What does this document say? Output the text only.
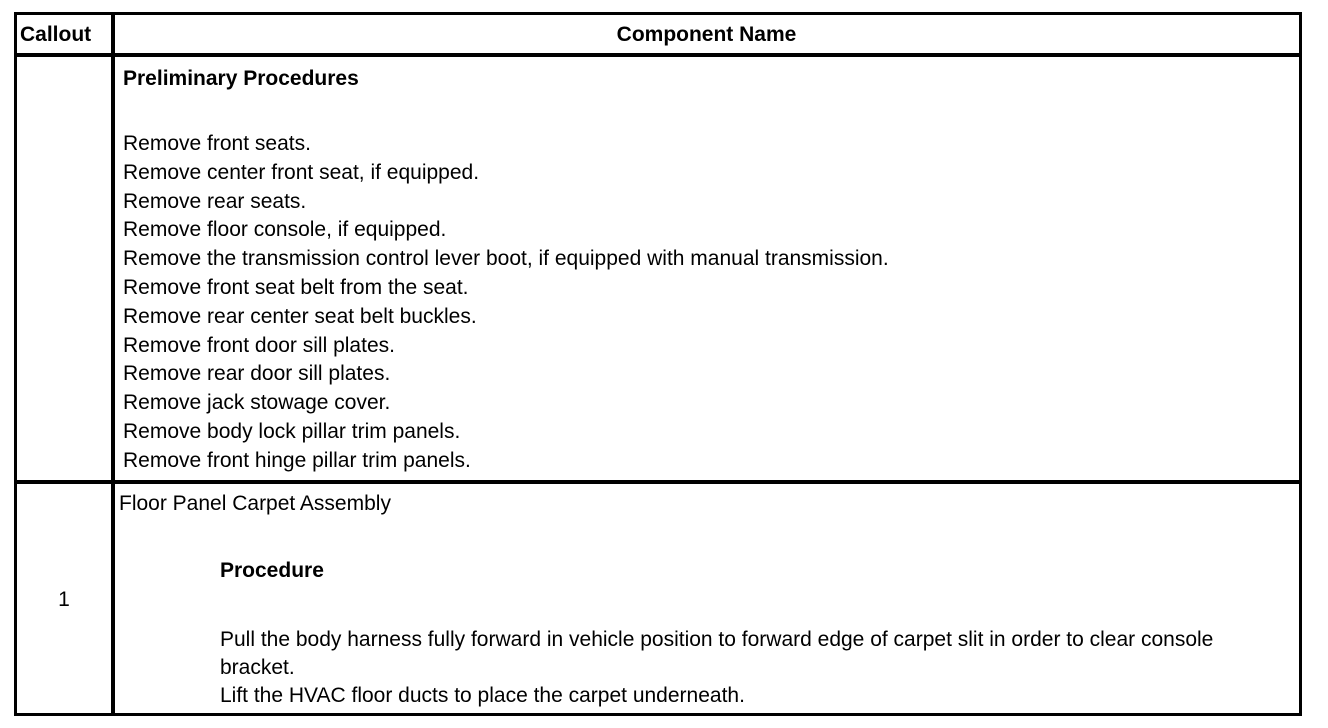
Callout	Component Name
Preliminary Procedures
Remove front seats.
Remove center front seat, if equipped.
Remove rear seats.
Remove floor console, if equipped.
Remove the transmission control lever boot, if equipped with manual transmission.
Remove front seat belt from the seat.
Remove rear center seat belt buckles.
Remove front door sill plates.
Remove rear door sill plates.
Remove jack stowage cover.
Remove body lock pillar trim panels.
Remove front hinge pillar trim panels.
1
Floor Panel Carpet Assembly
Procedure
Pull the body harness fully forward in vehicle position to forward edge of carpet slit in order to clear console bracket.
Lift the HVAC floor ducts to place the carpet underneath.
